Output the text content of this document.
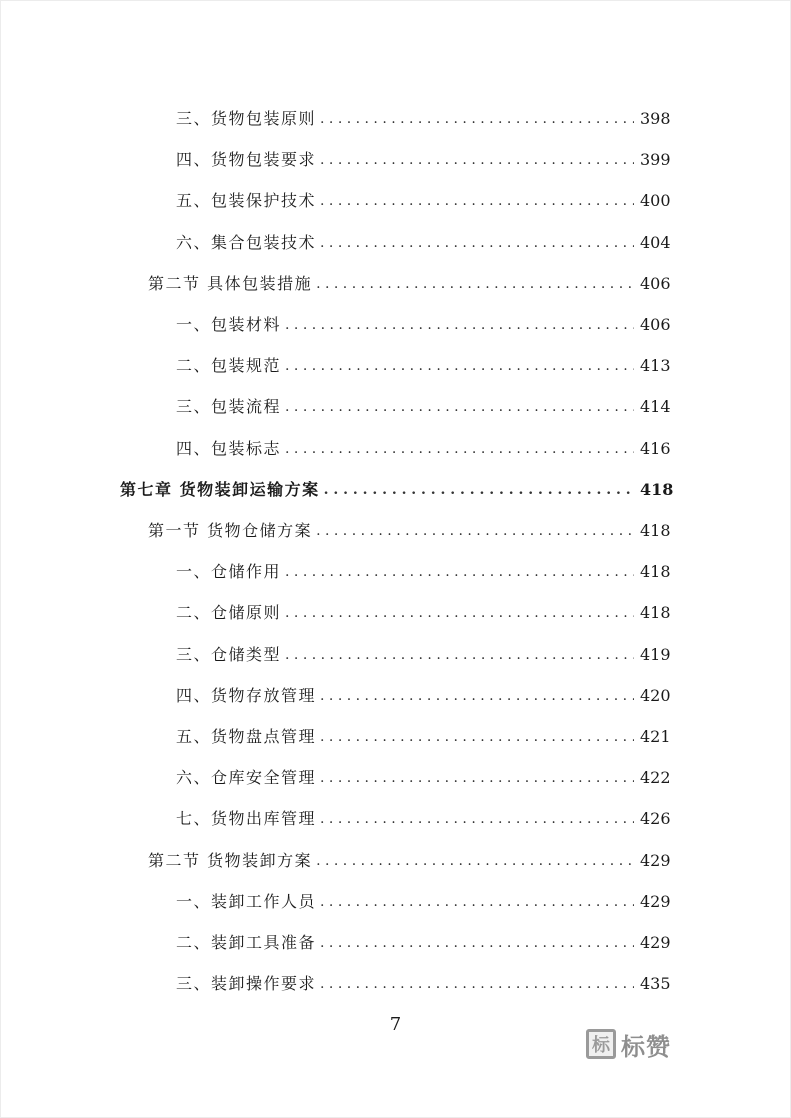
三、货物包装原则 . . .	398
四、货物包装要求 . . .	399
五、包装保护技术 . . .	400
六、集合包装技术 . . .	404
第二节 具体包装措施 . . .	406
一、包装材料 . . .	406
二、包装规范 . . .	413
三、包装流程 . . .	414
四、包装标志 . . .	416
第七章 货物装卸运输方案 . . .	418
第一节 货物仓储方案 . . .	418
一、仓储作用 . . .	418
二、仓储原则 . . .	418
三、仓储类型 . . .	419
四、货物存放管理 . . .	420
五、货物盘点管理 . . .	421
六、仓库安全管理 . . .	422
七、货物出库管理 . . .	426
第二节 货物装卸方案 . . .	429
一、装卸工作人员 . . .	429
二、装卸工具准备 . . .	429
三、装卸操作要求 . . .	435
7
标 标赞
